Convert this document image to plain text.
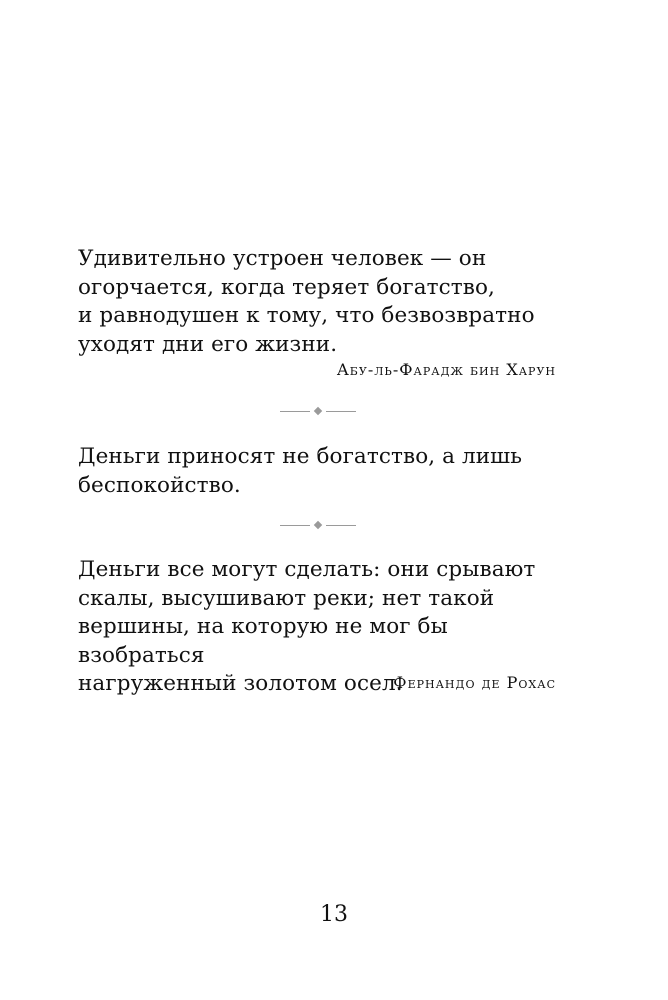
Удивительно устроен человек — он
огорчается, когда теряет богатство,
и равнодушен к тому, что безвозвратно
уходят дни его жизни.
Абу-ль-Фарадж бин Харун
Деньги приносят не богатство, а лишь
беспокойство.
Деньги все могут сделать: они срывают
скалы, высушивают реки; нет такой
вершины, на которую не мог бы взобраться
нагруженный золотом осел.
Фернандо де Рохас
13
